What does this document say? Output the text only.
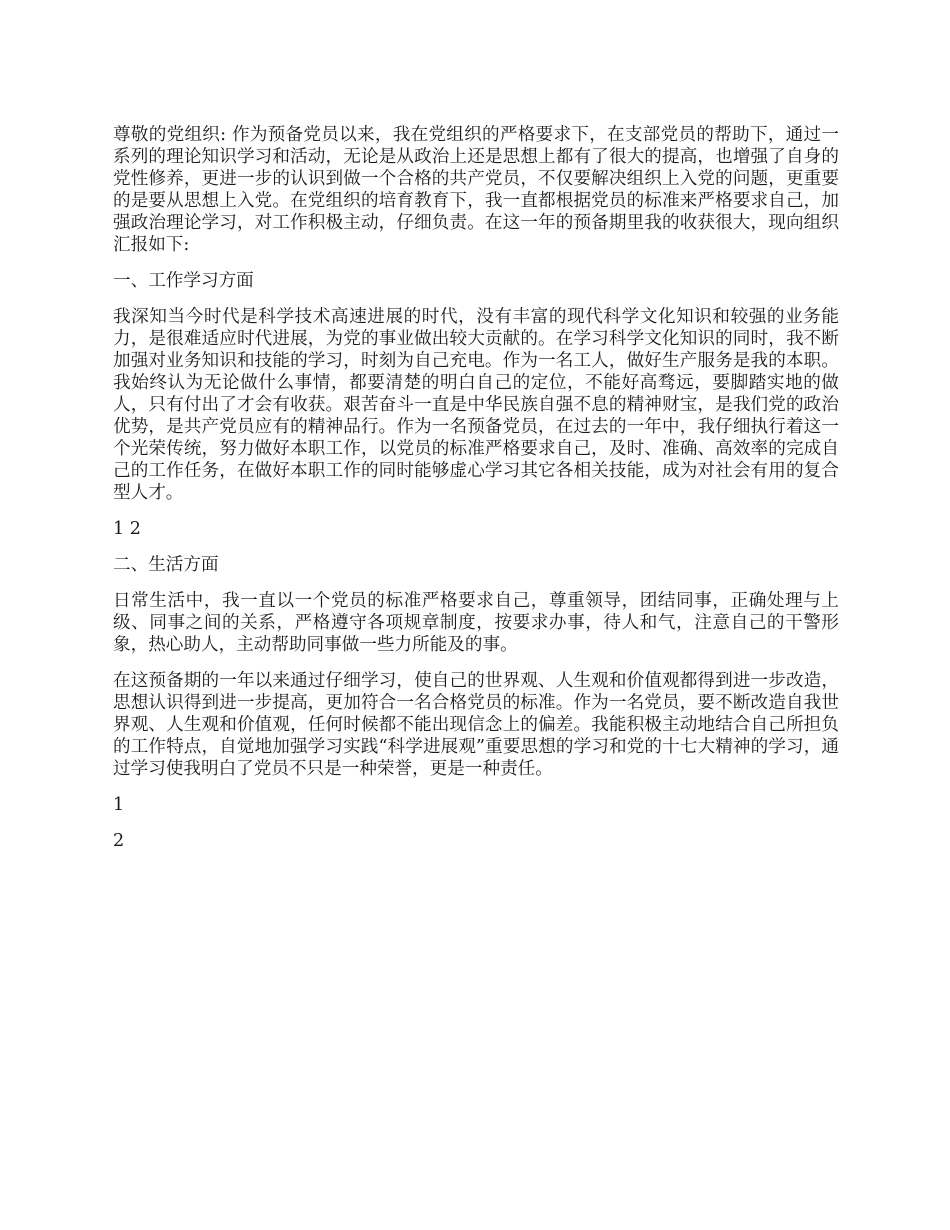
尊敬的党组织: 作为预备党员以来，我在党组织的严格要求下，在支部党员的帮助下，通过一系列的理论知识学习和活动，无论是从政治上还是思想上都有了很大的提高，也增强了自身的党性修养，更进一步的认识到做一个合格的共产党员，不仅要解决组织上入党的问题，更重要的是要从思想上入党。在党组织的培育教育下，我一直都根据党员的标准来严格要求自己，加强政治理论学习，对工作积极主动，仔细负责。在这一年的预备期里我的收获很大，现向组织汇报如下:

一、工作学习方面

我深知当今时代是科学技术高速进展的时代，没有丰富的现代科学文化知识和较强的业务能力，是很难适应时代进展，为党的事业做出较大贡献的。在学习科学文化知识的同时，我不断加强对业务知识和技能的学习，时刻为自己充电。作为一名工人，做好生产服务是我的本职。我始终认为无论做什么事情，都要清楚的明白自己的定位，不能好高骛远，要脚踏实地的做人，只有付出了才会有收获。艰苦奋斗一直是中华民族自强不息的精神财宝，是我们党的政治优势，是共产党员应有的精神品行。作为一名预备党员，在过去的一年中，我仔细执行着这一个光荣传统，努力做好本职工作，以党员的标准严格要求自己，及时、准确、高效率的完成自己的工作任务，在做好本职工作的同时能够虚心学习其它各相关技能，成为对社会有用的复合型人才。

1 2

二、生活方面

日常生活中，我一直以一个党员的标准严格要求自己，尊重领导，团结同事，正确处理与上级、同事之间的关系，严格遵守各项规章制度，按要求办事，待人和气，注意自己的干警形象，热心助人，主动帮助同事做一些力所能及的事。

在这预备期的一年以来通过仔细学习，使自己的世界观、人生观和价值观都得到进一步改造，思想认识得到进一步提高，更加符合一名合格党员的标准。作为一名党员，要不断改造自我世界观、人生观和价值观，任何时候都不能出现信念上的偏差。我能积极主动地结合自己所担负的工作特点，自觉地加强学习实践“科学进展观”重要思想的学习和党的十七大精神的学习，通过学习使我明白了党员不只是一种荣誉，更是一种责任。

1

2
